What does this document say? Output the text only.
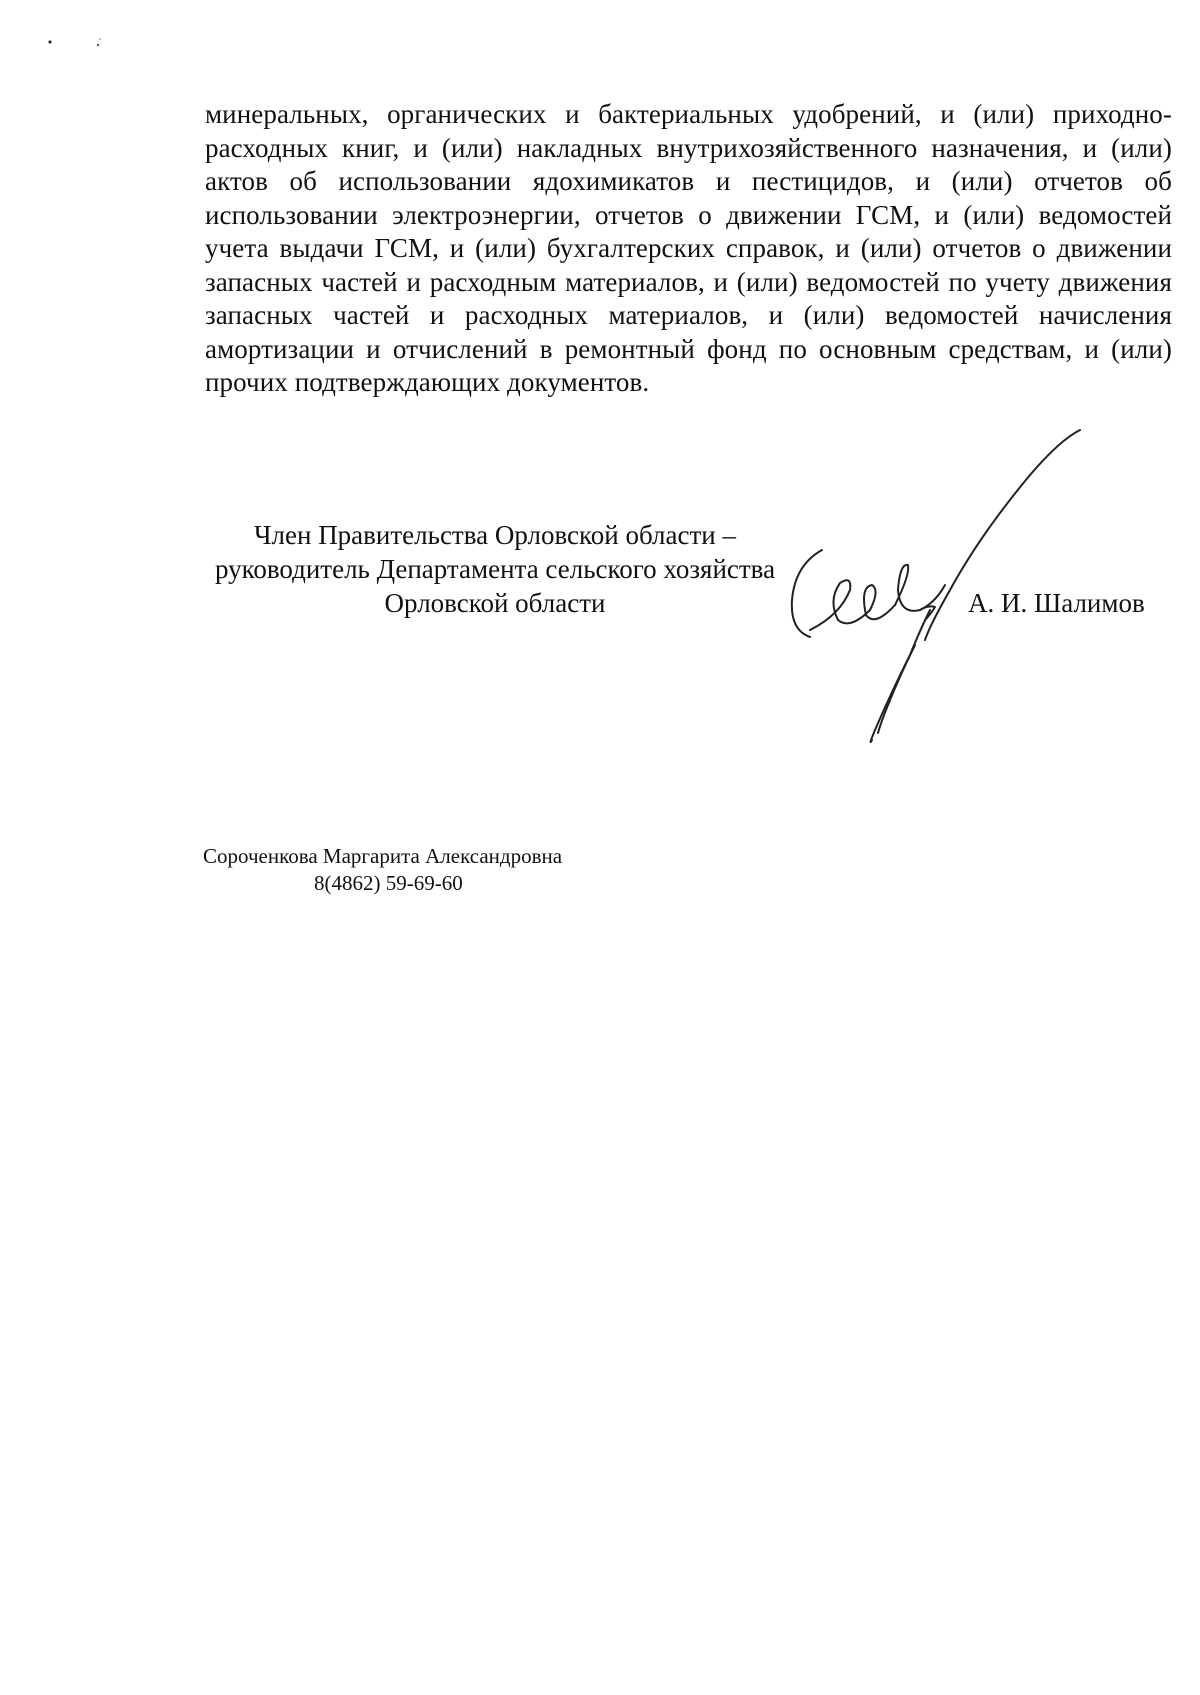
минеральных, органических и бактериальных удобрений, и (или) приходно-расходных книг, и (или) накладных внутрихозяйственного назначения, и (или) актов об использовании ядохимикатов и пестицидов, и (или) отчетов об использовании электроэнергии, отчетов о движении ГСМ, и (или) ведомостей учета выдачи ГСМ, и (или) бухгалтерских справок, и (или) отчетов о движении запасных частей и расходным материалов, и (или) ведомостей по учету движения запасных частей и расходных материалов, и (или) ведомостей начисления амортизации и отчислений в ремонтный фонд по основным средствам, и (или) прочих подтверждающих документов.
Член Правительства Орловской области –
руководитель Департамента сельского хозяйства
Орловской области	А. И. Шалимов
Сороченкова Маргарита Александровна
8(4862) 59-69-60
